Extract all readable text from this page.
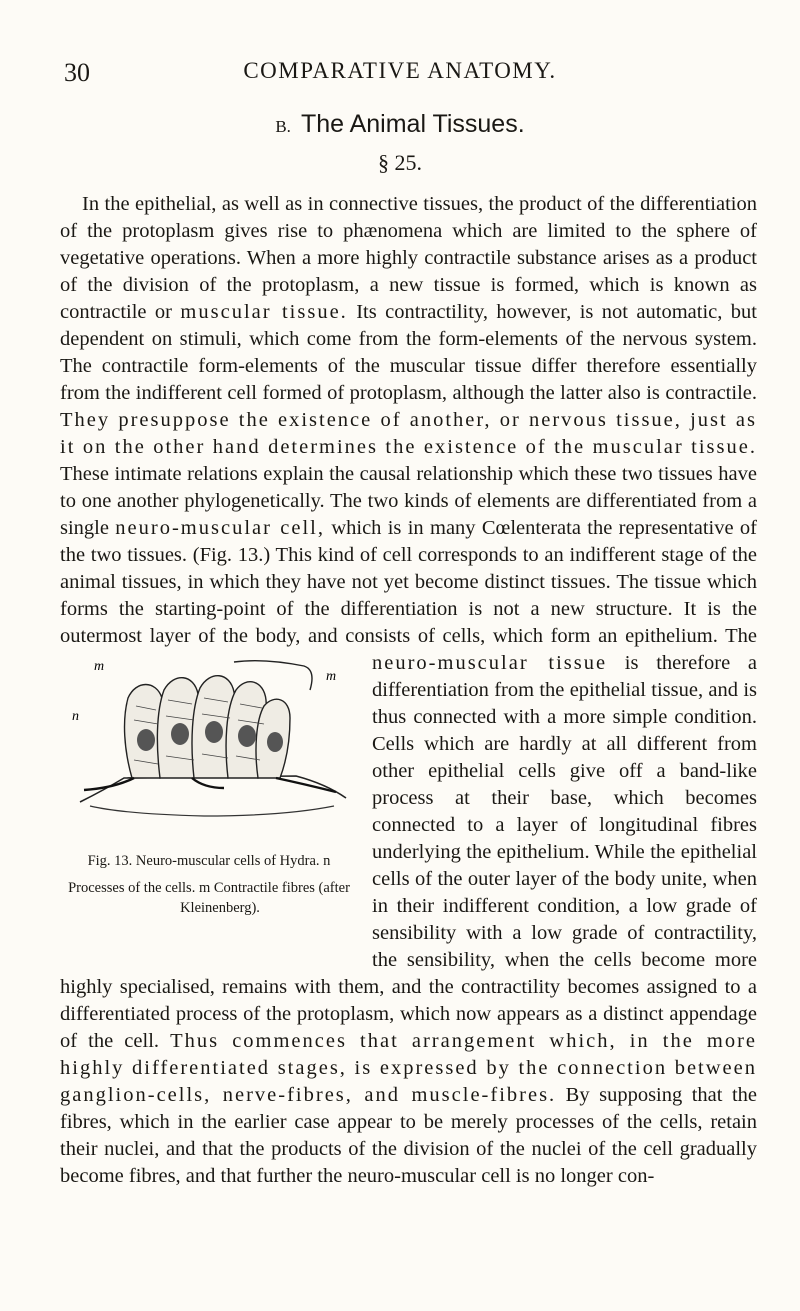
30	COMPARATIVE ANATOMY.
B. The Animal Tissues.
§ 25.

In the epithelial, as well as in connective tissues, the product of the differentiation of the protoplasm gives rise to phænomena which are limited to the sphere of vegetative operations. When a more highly contractile substance arises as a product of the division of the protoplasm, a new tissue is formed, which is known as contractile or muscular tissue. Its contractility, however, is not automatic, but dependent on stimuli, which come from the form-elements of the nervous system. The contractile form-elements of the muscular tissue differ therefore essentially from the indifferent cell formed of protoplasm, although the latter also is contractile. They presuppose the existence of another, or nervous tissue, just as it on the other hand determines the existence of the muscular tissue. These intimate relations explain the causal relationship which these two tissues have to one another phylogenetically. The two kinds of elements are differentiated from a single neuro-muscular cell, which is in many Cœlenterata the representative of the two tissues. (Fig. 13.) This kind of cell corresponds to an indifferent stage of the animal tissues, in which they have not yet become distinct tissues. The tissue which forms the starting-point of the differentiation is not a new structure. It is the outermost layer of the body, and consists of cells, which form an epithelium. The
m
m
n
Fig. 13. Neuro-muscular cells of Hydra. n Processes of the cells. m Contractile fibres (after
Kleinenberg).
neuro-muscular tissue is therefore a differentiation from the epithelial tissue, and is thus connected with a more simple condition. Cells which are hardly at all different from other epithelial cells give off a band-like process at their base, which becomes connected to a layer of longitudinal fibres underlying the epithelium. While the epithelial cells of the outer layer of the body unite, when in their indifferent condition, a low grade of sensibility with a low grade of contractility, the sensibility, when the cells become more highly specialised, remains with them, and the contractility becomes assigned to a differentiated process of the protoplasm, which now appears as a distinct appendage of the cell. Thus commences that arrangement which, in the more highly differentiated stages, is expressed by the connection between ganglion-cells, nerve-fibres, and muscle-fibres. By supposing that the fibres, which in the earlier case appear to be merely processes of the cells, retain their nuclei, and that the products of the division of the nuclei of the cell gradually become fibres, and that further the neuro-muscular cell is no longer con-
